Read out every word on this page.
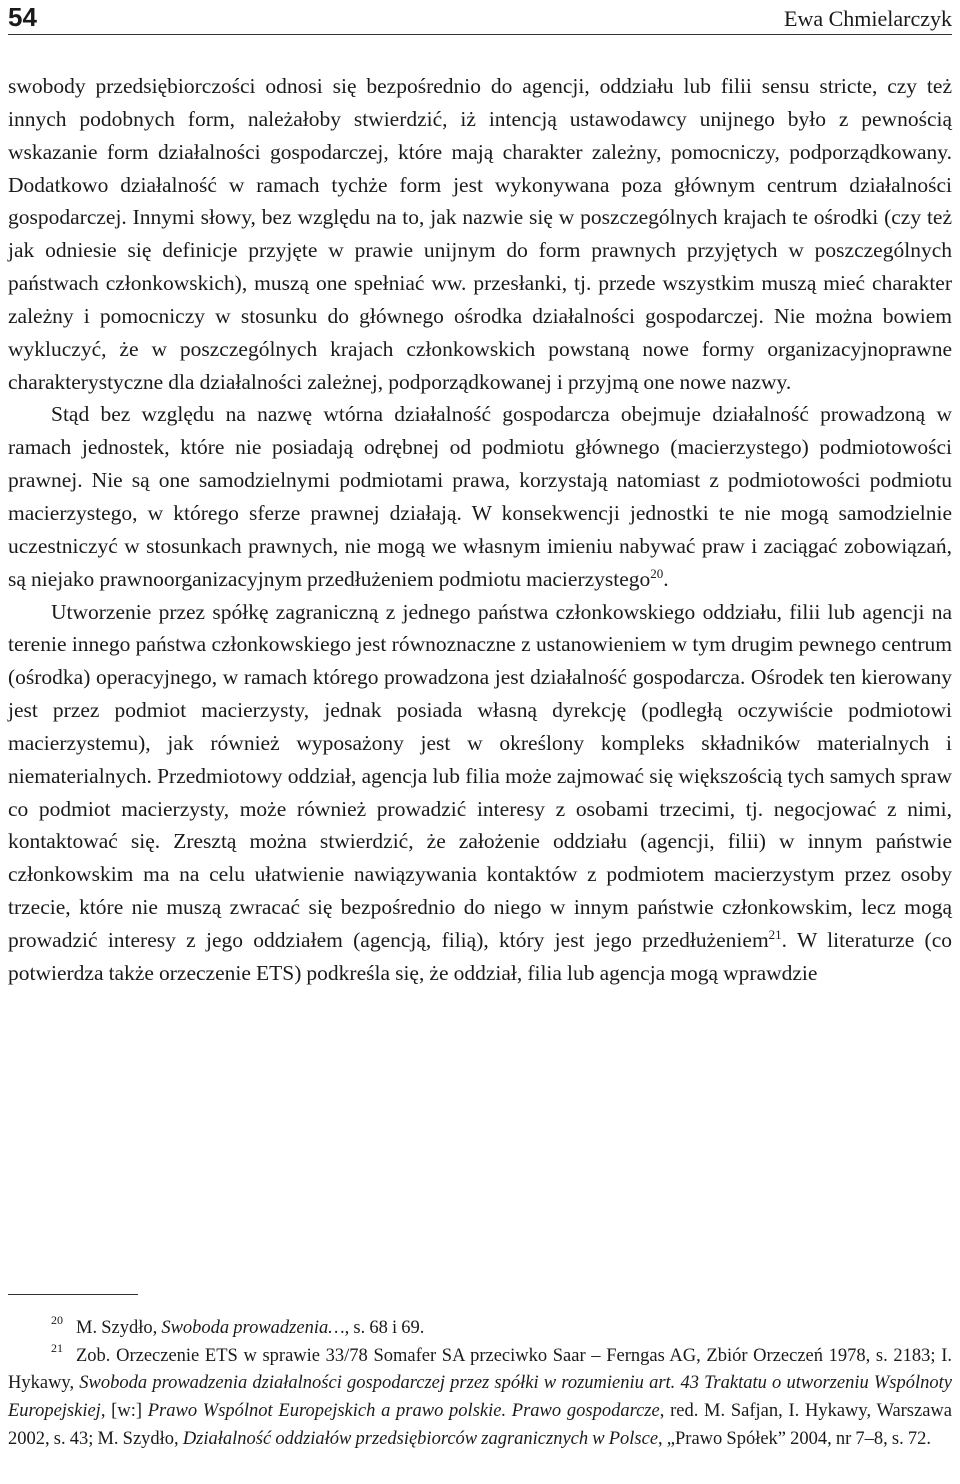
54	Ewa Chmielarczyk

swobody przedsiębiorczości odnosi się bezpośrednio do agencji, oddziału lub filii sensu stricte, czy też innych podobnych form, należałoby stwierdzić, iż intencją ustawodawcy unijnego było z pewnością wskazanie form działalności gospodarczej, które mają charakter zależny, pomocniczy, podporządkowany. Dodatkowo działalność w ramach tychże form jest wykonywana poza głównym centrum działalności gospodarczej. Innymi słowy, bez względu na to, jak nazwie się w poszczególnych krajach te ośrodki (czy też jak odniesie się definicje przyjęte w prawie unijnym do form prawnych przyjętych w poszczególnych państwach członkowskich), muszą one spełniać ww. przesłanki, tj. przede wszystkim muszą mieć charakter zależny i pomocniczy w stosunku do głównego ośrodka działalności gospodarczej. Nie można bowiem wykluczyć, że w poszczególnych krajach członkowskich powstaną nowe formy organizacyjnoprawne charakterystyczne dla działalności zależnej, podporządkowanej i przyjmą one nowe nazwy.

Stąd bez względu na nazwę wtórna działalność gospodarcza obejmuje działalność prowadzoną w ramach jednostek, które nie posiadają odrębnej od podmiotu głównego (macierzystego) podmiotowości prawnej. Nie są one samodzielnymi podmiotami prawa, korzystają natomiast z podmiotowości podmiotu macierzystego, w którego sferze prawnej działają. W konsekwencji jednostki te nie mogą samodzielnie uczestniczyć w stosunkach prawnych, nie mogą we własnym imieniu nabywać praw i zaciągać zobowiązań, są niejako prawnoorganizacyjnym przedłużeniem podmiotu macierzystego$^{20}$.

Utworzenie przez spółkę zagraniczną z jednego państwa członkowskiego oddziału, filii lub agencji na terenie innego państwa członkowskiego jest równoznaczne z ustanowieniem w tym drugim pewnego centrum (ośrodka) operacyjnego, w ramach którego prowadzona jest działalność gospodarcza. Ośrodek ten kierowany jest przez podmiot macierzysty, jednak posiada własną dyrekcję (podległą oczywiście podmiotowi macierzystemu), jak również wyposażony jest w określony kompleks składników materialnych i niematerialnych. Przedmiotowy oddział, agencja lub filia może zajmować się większością tych samych spraw co podmiot macierzysty, może również prowadzić interesy z osobami trzecimi, tj. negocjować z nimi, kontaktować się. Zresztą można stwierdzić, że założenie oddziału (agencji, filii) w innym państwie członkowskim ma na celu ułatwienie nawiązywania kontaktów z podmiotem macierzystym przez osoby trzecie, które nie muszą zwracać się bezpośrednio do niego w innym państwie członkowskim, lecz mogą prowadzić interesy z jego oddziałem (agencją, filią), który jest jego przedłużeniem$^{21}$. W literaturze (co potwierdza także orzeczenie ETS) podkreśla się, że oddział, filia lub agencja mogą wprawdzie

20 M. Szydło, Swoboda prowadzenia…, s. 68 i 69.

21 Zob. Orzeczenie ETS w sprawie 33/78 Somafer SA przeciwko Saar – Ferngas AG, Zbiór Orzeczeń 1978, s. 2183; I. Hykawy, Swoboda prowadzenia działalności gospodarczej przez spółki w rozumieniu art. 43 Traktatu o utworzeniu Wspólnoty Europejskiej, [w:] Prawo Wspólnot Europejskich a prawo polskie. Prawo gospodarcze, red. M. Safjan, I. Hykawy, Warszawa 2002, s. 43; M. Szydło, Działalność oddziałów przedsiębiorców zagranicznych w Polsce, „Prawo Spółek” 2004, nr 7–8, s. 72.
